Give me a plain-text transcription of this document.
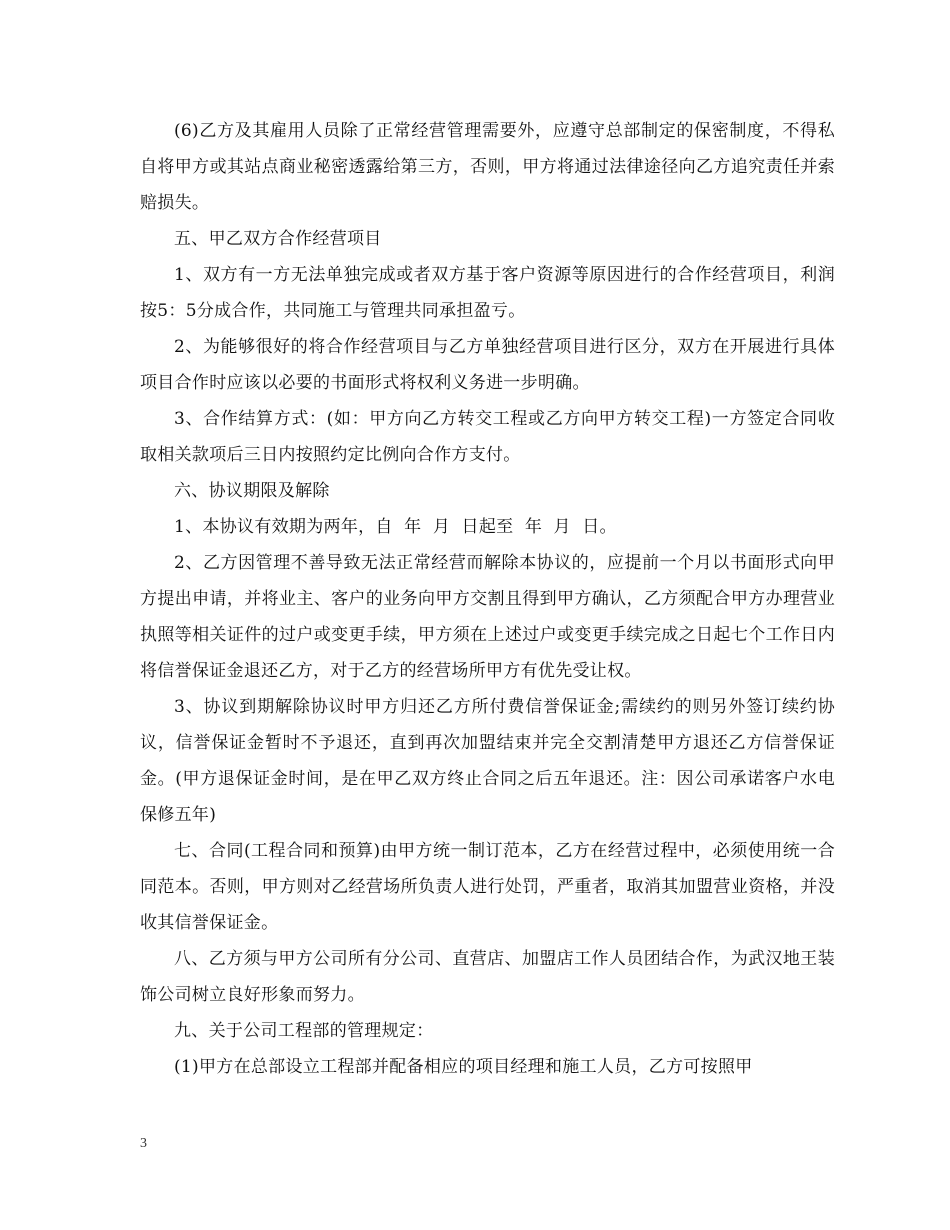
(6)乙方及其雇用人员除了正常经营管理需要外，应遵守总部制定的保密制度，不得私自将甲方或其站点商业秘密透露给第三方，否则，甲方将通过法律途径向乙方追究责任并索赔损失。

五、甲乙双方合作经营项目

1、双方有一方无法单独完成或者双方基于客户资源等原因进行的合作经营项目，利润按5：5分成合作，共同施工与管理共同承担盈亏。

2、为能够很好的将合作经营项目与乙方单独经营项目进行区分，双方在开展进行具体项目合作时应该以必要的书面形式将权利义务进一步明确。

3、合作结算方式：(如：甲方向乙方转交工程或乙方向甲方转交工程)一方签定合同收取相关款项后三日内按照约定比例向合作方支付。

六、协议期限及解除

1、本协议有效期为两年，自  年  月  日起至  年  月  日。

2、乙方因管理不善导致无法正常经营而解除本协议的，应提前一个月以书面形式向甲方提出申请，并将业主、客户的业务向甲方交割且得到甲方确认，乙方须配合甲方办理营业执照等相关证件的过户或变更手续，甲方须在上述过户或变更手续完成之日起七个工作日内将信誉保证金退还乙方，对于乙方的经营场所甲方有优先受让权。

3、协议到期解除协议时甲方归还乙方所付费信誉保证金;需续约的则另外签订续约协议，信誉保证金暂时不予退还，直到再次加盟结束并完全交割清楚甲方退还乙方信誉保证金。(甲方退保证金时间，是在甲乙双方终止合同之后五年退还。注：因公司承诺客户水电保修五年)

七、合同(工程合同和预算)由甲方统一制订范本，乙方在经营过程中，必须使用统一合同范本。否则，甲方则对乙经营场所负责人进行处罚，严重者，取消其加盟营业资格，并没收其信誉保证金。

八、乙方须与甲方公司所有分公司、直营店、加盟店工作人员团结合作，为武汉地王装饰公司树立良好形象而努力。

九、关于公司工程部的管理规定：

(1)甲方在总部设立工程部并配备相应的项目经理和施工人员，乙方可按照甲

3
